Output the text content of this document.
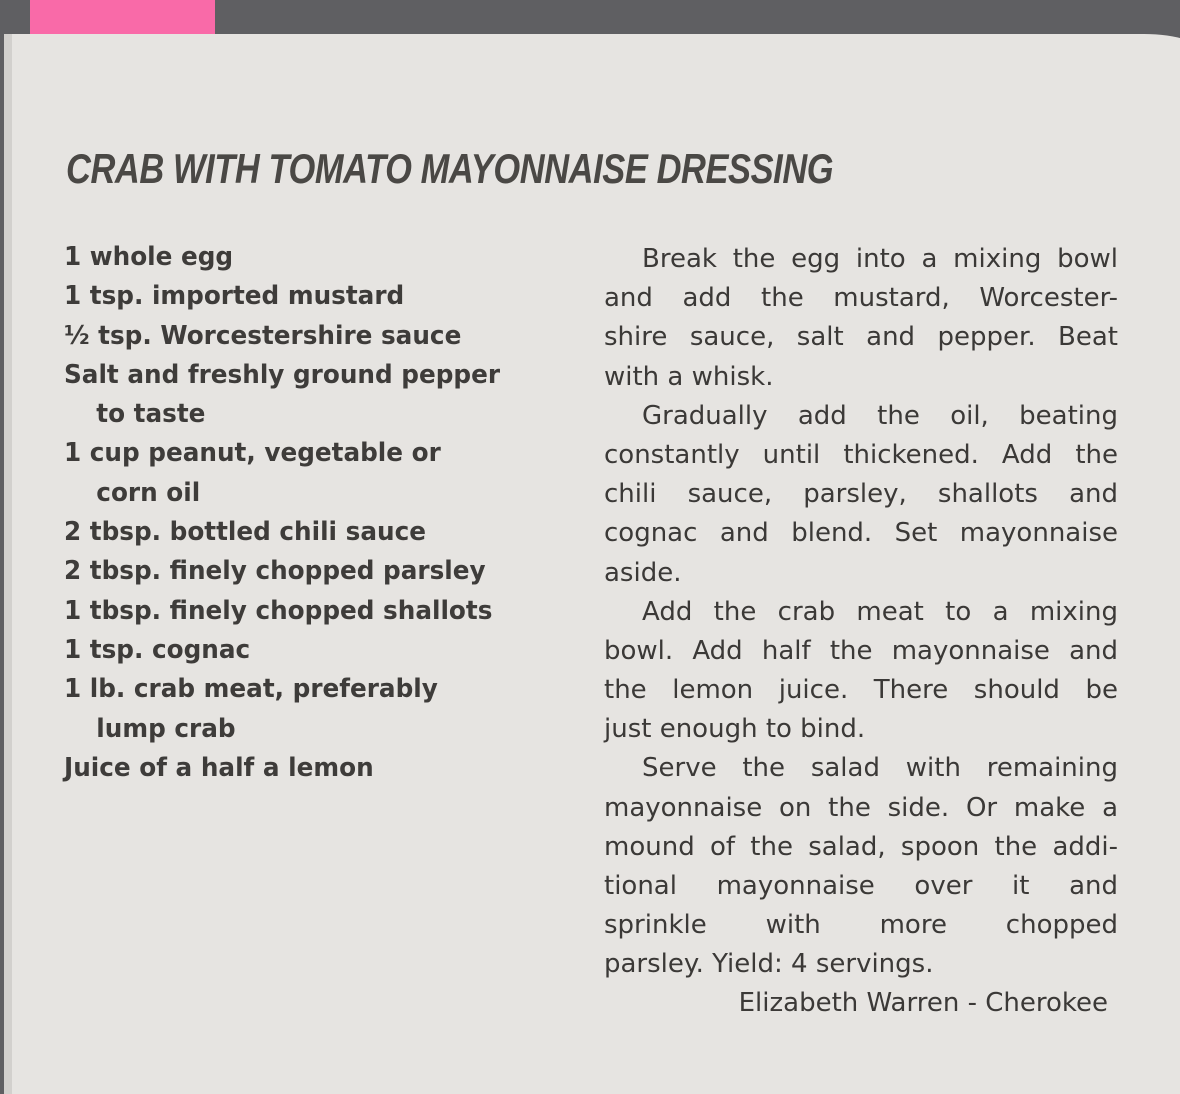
CRAB WITH TOMATO MAYONNAISE DRESSING
1 whole egg
1 tsp. imported mustard
½ tsp. Worcestershire sauce
Salt and freshly ground pepper
to taste
1 cup peanut, vegetable or
corn oil
2 tbsp. bottled chili sauce
2 tbsp. finely chopped parsley
1 tbsp. finely chopped shallots
1 tsp. cognac
1 lb. crab meat, preferably
lump crab
Juice of a half a lemon
Break the egg into a mixing bowl
and add the mustard, Worcester-
shire sauce, salt and pepper. Beat
with a whisk.
Gradually add the oil, beating
constantly until thickened. Add the
chili sauce, parsley, shallots and
cognac and blend. Set mayonnaise
aside.
Add the crab meat to a mixing
bowl. Add half the mayonnaise and
the lemon juice. There should be
just enough to bind.
Serve the salad with remaining
mayonnaise on the side. Or make a
mound of the salad, spoon the addi-
tional mayonnaise over it and
sprinkle with more chopped
parsley. Yield: 4 servings.
Elizabeth Warren - Cherokee
